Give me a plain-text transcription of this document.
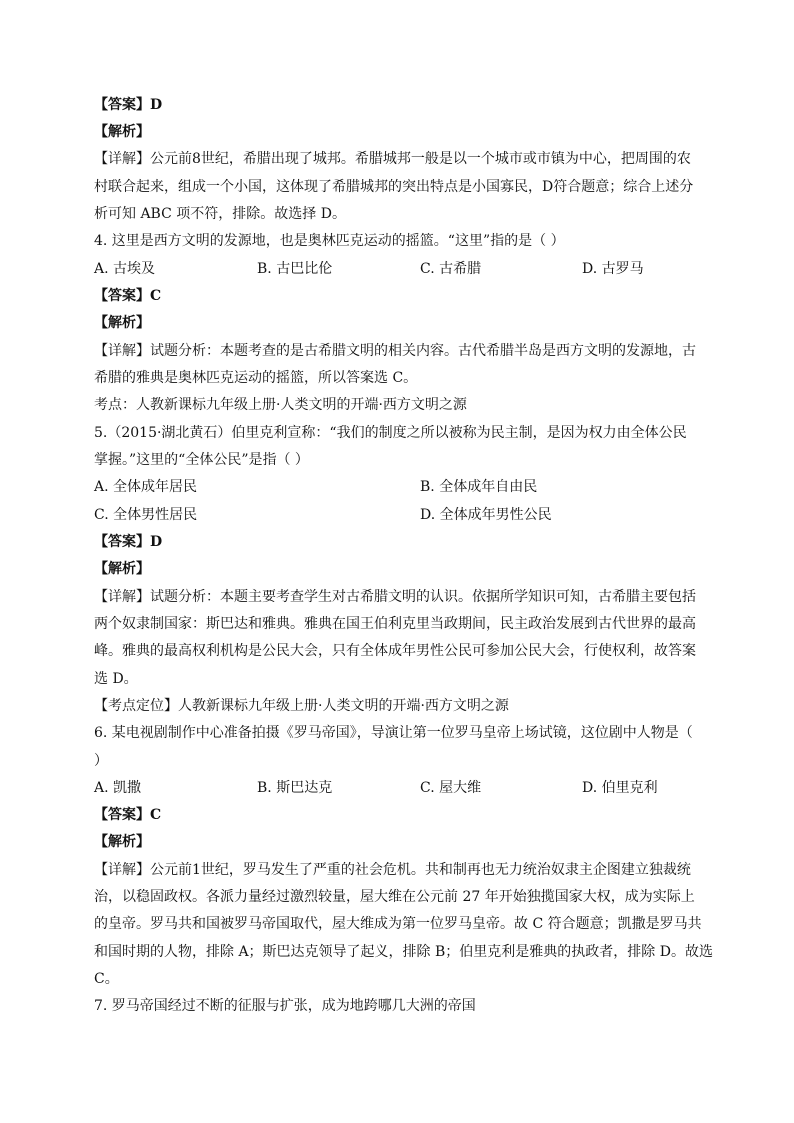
【答案】D
【解析】
【详解】公元前8世纪，希腊出现了城邦。希腊城邦一般是以一个城市或市镇为中心，把周围的农
村联合起来，组成一个小国，这体现了希腊城邦的突出特点是小国寡民，D符合题意；综合上述分
析可知 ABC 项不符，排除。故选择 D。
4. 这里是西方文明的发源地，也是奥林匹克运动的摇篮。“这里”指的是（ ）
A. 古埃及	B. 古巴比伦	C. 古希腊	D. 古罗马
【答案】C
【解析】
【详解】试题分析：本题考查的是古希腊文明的相关内容。古代希腊半岛是西方文明的发源地，古
希腊的雅典是奥林匹克运动的摇篮，所以答案选 C。
考点：人教新课标九年级上册·人类文明的开端·西方文明之源
5.（2015·湖北黄石）伯里克利宣称：“我们的制度之所以被称为民主制，是因为权力由全体公民
掌握。”这里的“全体公民”是指（ ）
A. 全体成年居民	B. 全体成年自由民
C. 全体男性居民	D. 全体成年男性公民
【答案】D
【解析】
【详解】试题分析：本题主要考查学生对古希腊文明的认识。依据所学知识可知，古希腊主要包括
两个奴隶制国家：斯巴达和雅典。雅典在国王伯利克里当政期间，民主政治发展到古代世界的最高
峰。雅典的最高权利机构是公民大会，只有全体成年男性公民可参加公民大会，行使权利，故答案
选 D。
【考点定位】人教新课标九年级上册·人类文明的开端·西方文明之源
6. 某电视剧制作中心准备拍摄《罗马帝国》，导演让第一位罗马皇帝上场试镜，这位剧中人物是（
）
A. 凯撒	B. 斯巴达克	C. 屋大维	D. 伯里克利
【答案】C
【解析】
【详解】公元前1世纪，罗马发生了严重的社会危机。共和制再也无力统治奴隶主企图建立独裁统
治，以稳固政权。各派力量经过激烈较量，屋大维在公元前 27 年开始独揽国家大权，成为实际上
的皇帝。罗马共和国被罗马帝国取代，屋大维成为第一位罗马皇帝。故 C 符合题意；凯撒是罗马共
和国时期的人物，排除 A；斯巴达克领导了起义，排除 B；伯里克利是雅典的执政者，排除 D。故选
C。
7. 罗马帝国经过不断的征服与扩张，成为地跨哪几大洲的帝国
